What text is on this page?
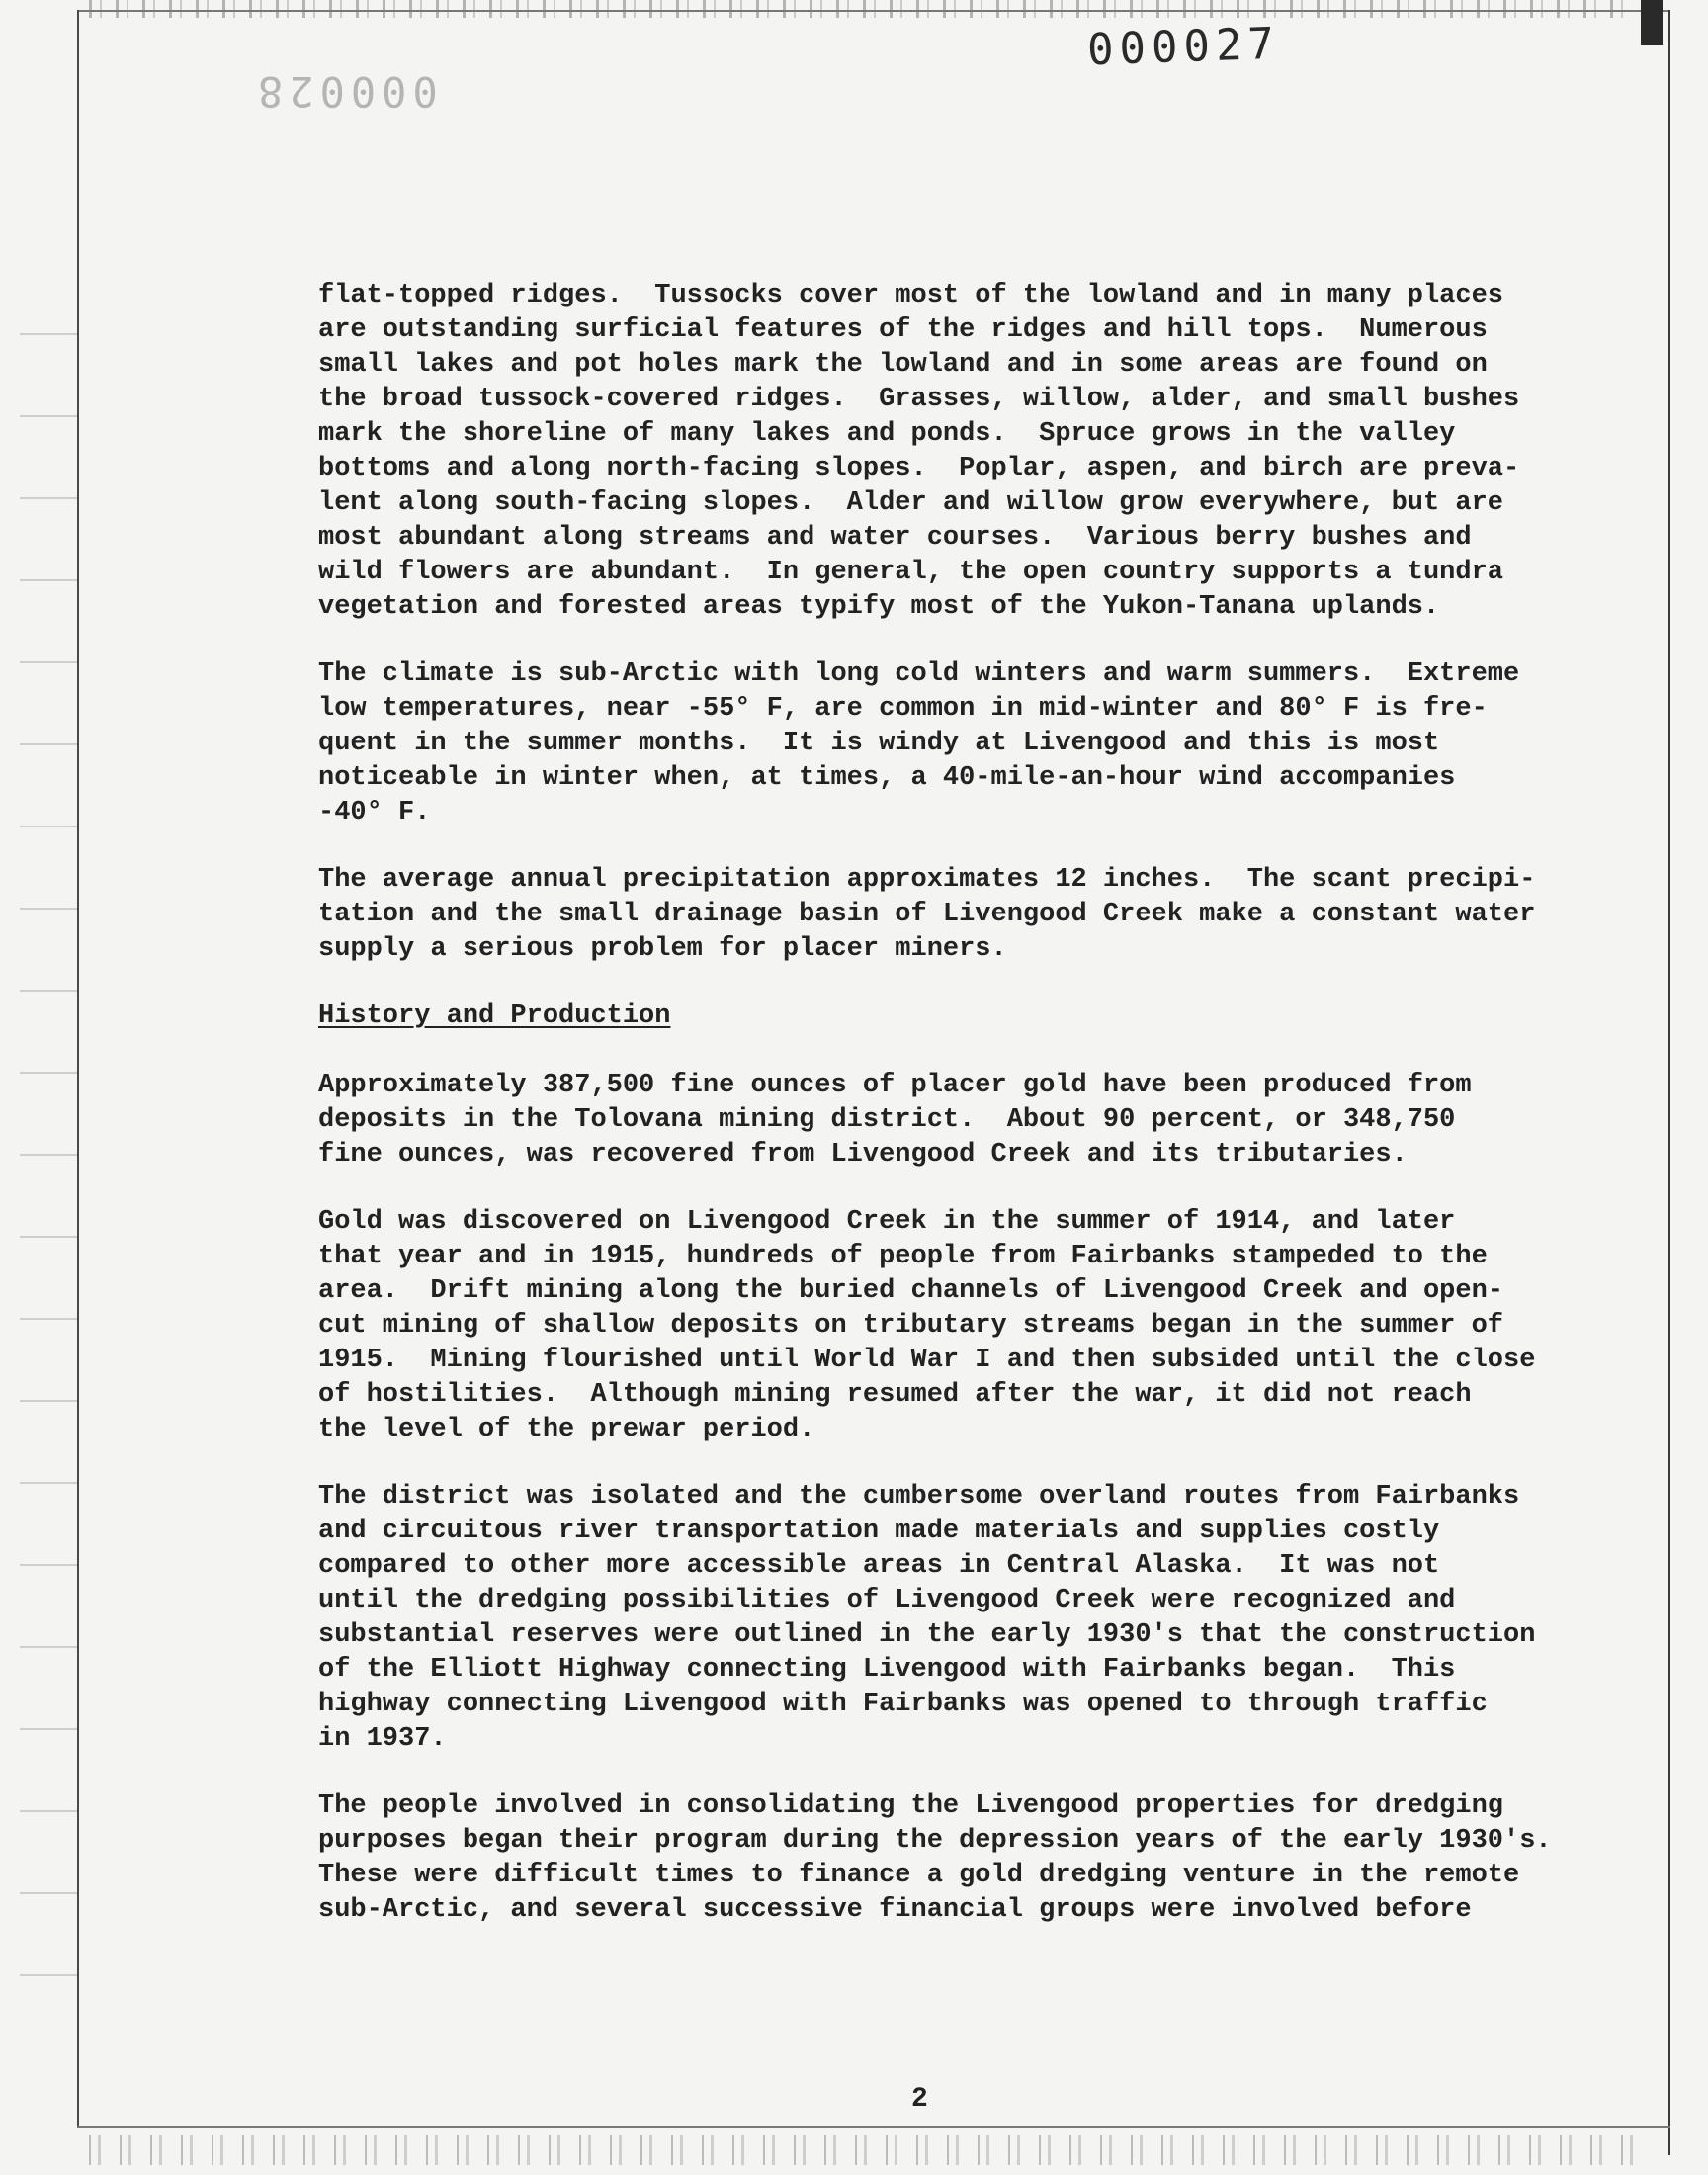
000027
000028
flat-topped ridges.  Tussocks cover most of the lowland and in many places
are outstanding surficial features of the ridges and hill tops.  Numerous
small lakes and pot holes mark the lowland and in some areas are found on
the broad tussock-covered ridges.  Grasses, willow, alder, and small bushes
mark the shoreline of many lakes and ponds.  Spruce grows in the valley
bottoms and along north-facing slopes.  Poplar, aspen, and birch are preva-
lent along south-facing slopes.  Alder and willow grow everywhere, but are
most abundant along streams and water courses.  Various berry bushes and
wild flowers are abundant.  In general, the open country supports a tundra
vegetation and forested areas typify most of the Yukon-Tanana uplands.
The climate is sub-Arctic with long cold winters and warm summers.  Extreme
low temperatures, near -55° F, are common in mid-winter and 80° F is fre-
quent in the summer months.  It is windy at Livengood and this is most
noticeable in winter when, at times, a 40-mile-an-hour wind accompanies
-40° F.
The average annual precipitation approximates 12 inches.  The scant precipi-
tation and the small drainage basin of Livengood Creek make a constant water
supply a serious problem for placer miners.
History and Production
Approximately 387,500 fine ounces of placer gold have been produced from
deposits in the Tolovana mining district.  About 90 percent, or 348,750
fine ounces, was recovered from Livengood Creek and its tributaries.
Gold was discovered on Livengood Creek in the summer of 1914, and later
that year and in 1915, hundreds of people from Fairbanks stampeded to the
area.  Drift mining along the buried channels of Livengood Creek and open-
cut mining of shallow deposits on tributary streams began in the summer of
1915.  Mining flourished until World War I and then subsided until the close
of hostilities.  Although mining resumed after the war, it did not reach
the level of the prewar period.
The district was isolated and the cumbersome overland routes from Fairbanks
and circuitous river transportation made materials and supplies costly
compared to other more accessible areas in Central Alaska.  It was not
until the dredging possibilities of Livengood Creek were recognized and
substantial reserves were outlined in the early 1930's that the construction
of the Elliott Highway connecting Livengood with Fairbanks began.  This
highway connecting Livengood with Fairbanks was opened to through traffic
in 1937.
The people involved in consolidating the Livengood properties for dredging
purposes began their program during the depression years of the early 1930's.
These were difficult times to finance a gold dredging venture in the remote
sub-Arctic, and several successive financial groups were involved before
2
